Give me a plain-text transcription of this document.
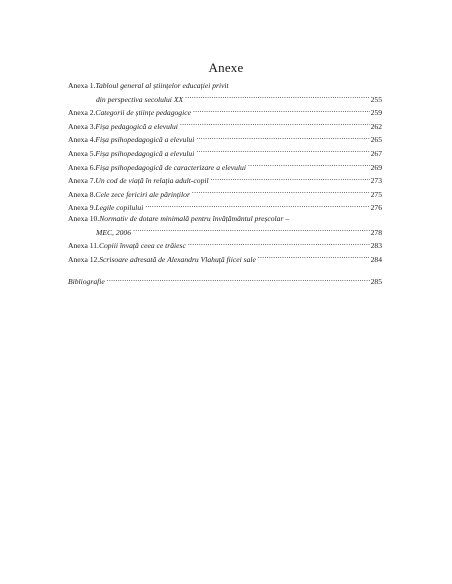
Anexe
Anexa 1. Tabloul general al științelor educației privit
din perspectiva secolului XX .....	255
Anexa 2. Categorii de științe pedagogice .....	259
Anexa 3. Fișa pedagogică a elevului .....	262
Anexa 4. Fișa psihopedagogică a elevului .....	265
Anexa 5. Fișa psihopedagogică a elevului .....	267
Anexa 6. Fișa psihopedagogică de caracterizare a elevului .....	269
Anexa 7. Un cod de viață în relația adult-copil .....	273
Anexa 8. Cele zece fericiri ale părinților .....	275
Anexa 9. Legile copilului .....	276
Anexa 10. Normativ de dotare minimală pentru învățământul preșcolar –
MEC, 2006 .....	278
Anexa 11. Copiii învață ceea ce trăiesc .....	283
Anexa 12. Scrisoare adresată de Alexandru Vlahuță fiicei sale .....	284
Bibliografie .....	285
